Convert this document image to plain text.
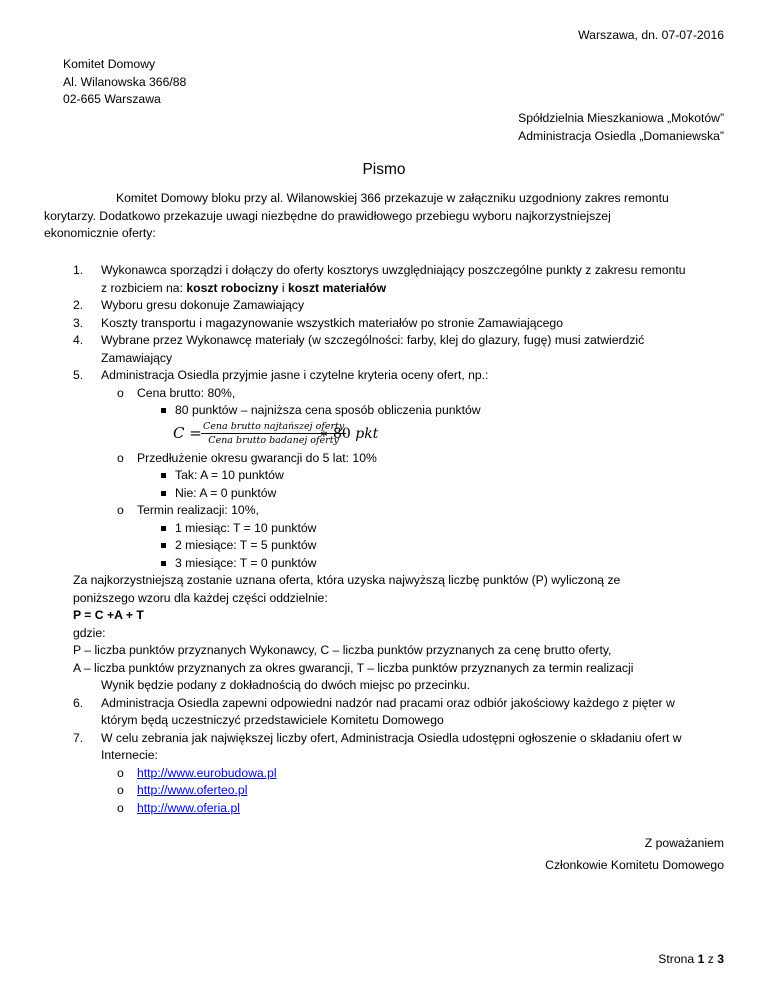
Warszawa, dn. 07-07-2016
Komitet Domowy
Al. Wilanowska 366/88
02-665 Warszawa
Spółdzielnia Mieszkaniowa „Mokotów”
Administracja Osiedla „Domaniewska”
Pismo
Komitet Domowy bloku przy al. Wilanowskiej 366 przekazuje w załączniku uzgodniony zakres remontu
korytarzy. Dodatkowo przekazuje uwagi niezbędne do prawidłowego przebiegu wyboru najkorzystniejszej
ekonomicznie oferty:
1. Wykonawca sporządzi i dołączy do oferty kosztorys uwzględniający poszczególne punkty z zakresu remontu
z rozbiciem na: koszt robocizny i koszt materiałów
2. Wyboru gresu dokonuje Zamawiający
3. Koszty transportu i magazynowanie wszystkich materiałów po stronie Zamawiającego
4. Wybrane przez Wykonawcę materiały (w szczególności: farby, klej do glazury, fugę) musi zatwierdzić
Zamawiający
5. Administracja Osiedla przyjmie jasne i czytelne kryteria oceny ofert, np.:
o Cena brutto: 80%,
80 punktów – najniższa cena sposób obliczenia punktów
C = Cena brutto najtańszej oferty
Cena brutto badanej oferty
∗ 80 pkt
o Przedłużenie okresu gwarancji do 5 lat: 10%
Tak: A = 10 punktów
Nie: A = 0 punktów
o Termin realizacji: 10%,
1 miesiąc: T = 10 punktów
2 miesiące: T = 5 punktów
3 miesiące: T = 0 punktów
Za najkorzystniejszą zostanie uznana oferta, która uzyska najwyższą liczbę punktów (P) wyliczoną ze
poniższego wzoru dla każdej części oddzielnie:
P = C +A + T
gdzie:
P – liczba punktów przyznanych Wykonawcy, C – liczba punktów przyznanych za cenę brutto oferty,
A – liczba punktów przyznanych za okres gwarancji, T – liczba punktów przyznanych za termin realizacji
Wynik będzie podany z dokładnością do dwóch miejsc po przecinku.
6. Administracja Osiedla zapewni odpowiedni nadzór nad pracami oraz odbiór jakościowy każdego z pięter w
którym będą uczestniczyć przedstawiciele Komitetu Domowego
7. W celu zebrania jak największej liczby ofert, Administracja Osiedla udostępni ogłoszenie o składaniu ofert w
Internecie:
o http://www.eurobudowa.pl
o http://www.oferteo.pl
o http://www.oferia.pl
Z poważaniem
Członkowie Komitetu Domowego
Strona 1 z 3
